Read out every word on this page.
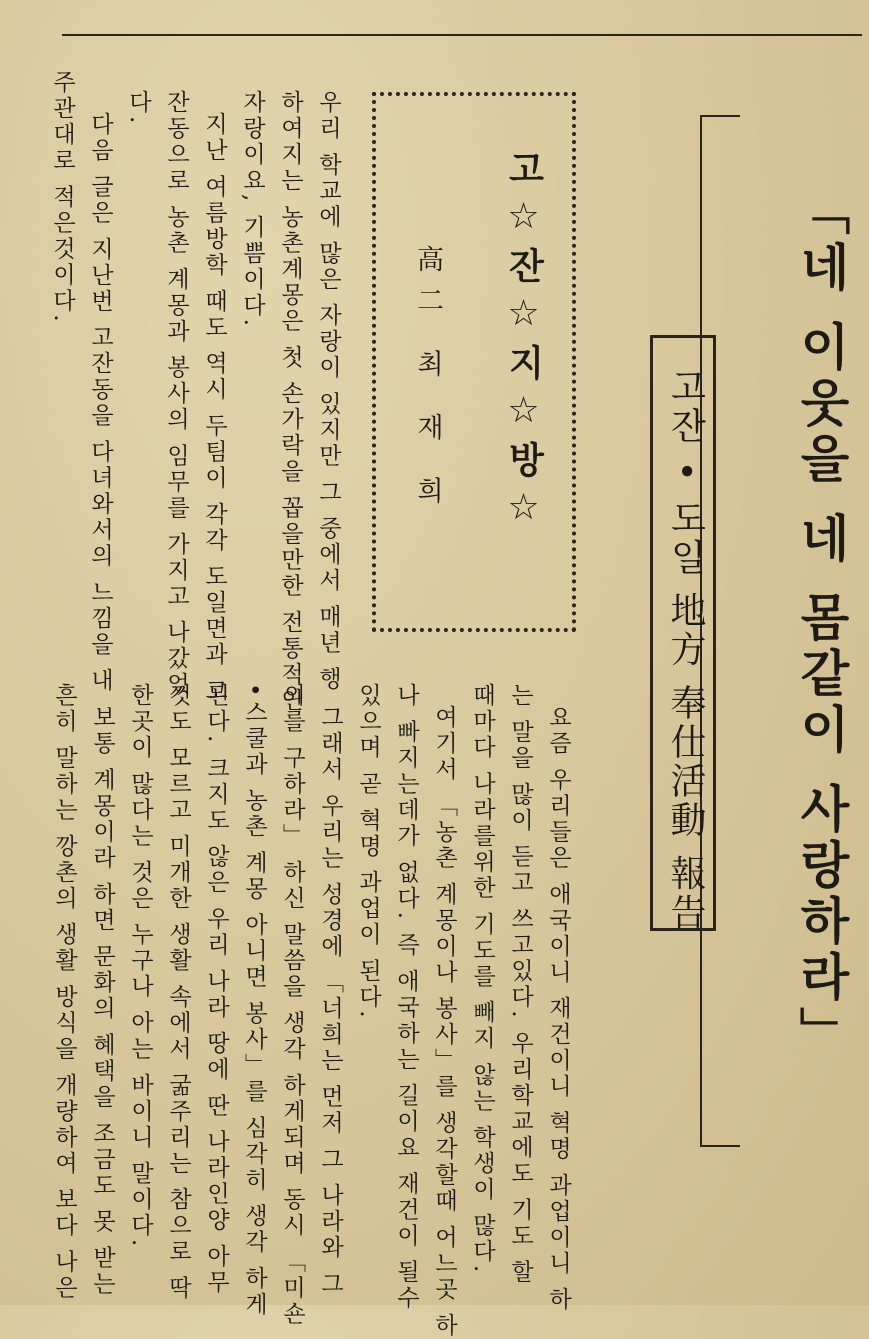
「네 이웃을 네 몸같이 사랑하라」
고잔 • 도일 地方 奉仕活動 報告
고☆잔☆지☆방☆
高二 최 재 희
우리 학교에 많은 자랑이 있지만 그 중에서 매년 행
하여지는 농촌계몽은 첫 손가락을 꼽을만한 전통적인
자랑이요, 기쁨이다.
지난 여름방학 때도 역시 두팀이 각각 도일면과 고
잔동으로 농촌 계몽과 봉사의 임무를 가지고 나갔었
다.
다음 글은 지난번 고잔동을 다녀와서의 느낌을 내
주관대로 적은것이다.
요즘 우리들은 애국이니 재건이니 혁명 과업이니 하
는 말을 많이 듣고 쓰고있다. 우리학교에도 기도 할
때마다 나라를위한 기도를 빼지 않는 학생이 많다.
여기서 「농촌 계몽이나 봉사」를 생각할때 어느곳 하
나 빠지는데가 없다. 즉 애국하는 길이요 재건이 될수
있으며 곧 혁명 과업이 된다.
그래서 우리는 성경에 「너희는 먼저 그 나라와 그
의를 구하라」 하신 말씀을 생각 하게되며 동시 「미숀
•스쿨과 농촌 계몽 아니면 봉사」를 심각히 생각 하게
된다. 크지도 않은 우리 나라 땅에 딴 나라인양 아무
것도 모르고 미개한 생활 속에서 굶주리는 참으로 딱
한곳이 많다는 것은 누구나 아는 바이니 말이다.
보통 계몽이라 하면 문화의 혜택을 조금도 못 받는
흔히 말하는 깡촌의 생활 방식을 개량하여 보다 나은
